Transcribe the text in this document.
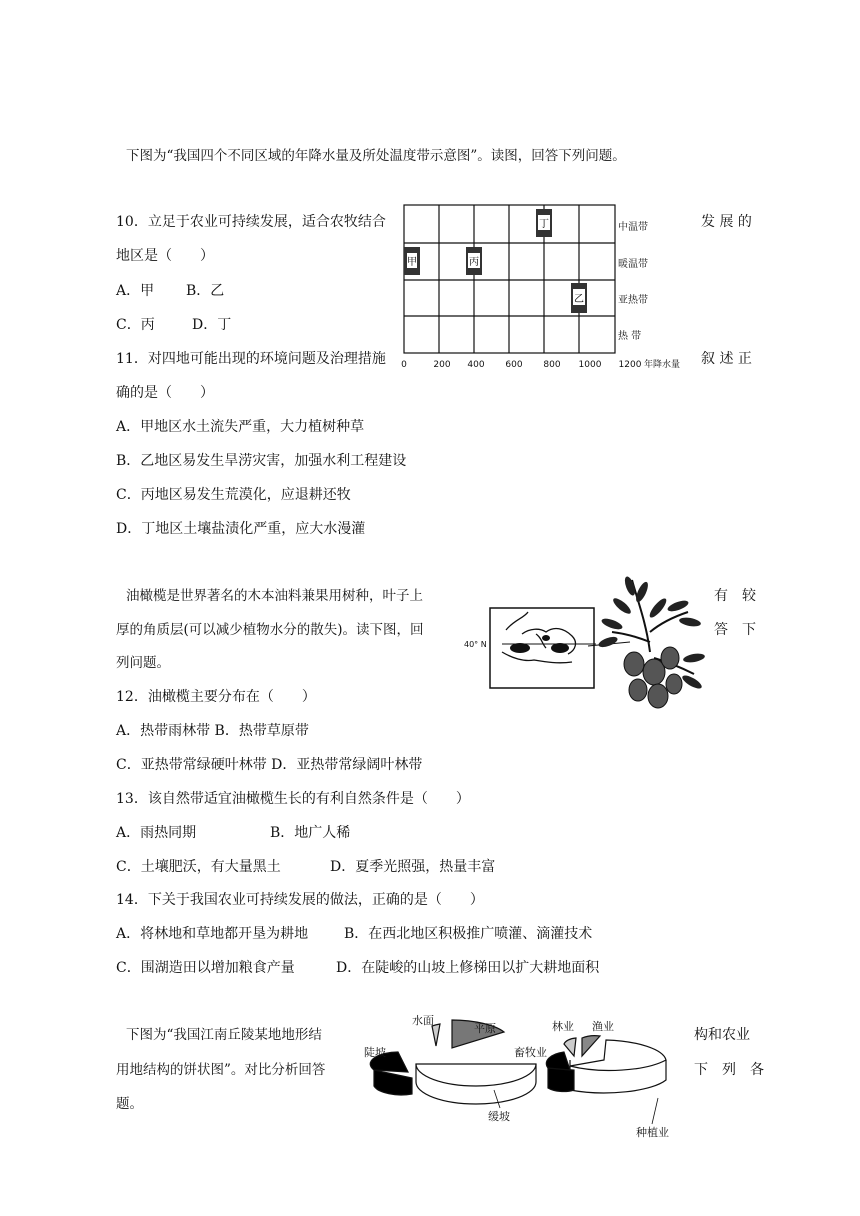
下图为“我国四个不同区域的年降水量及所处温度带示意图”。读图，回答下列问题。
10．立足于农业可持续发展，适合农牧结合	发 展 的
地区是（　　）
A．甲 B．乙
C．丙	D．丁
甲	丙
丁
乙
中温带
暖温带
亚热带
热 带
0	200 400 600 800 1000 1200 年降水量
11．对四地可能出现的环境问题及治理措施	叙 述 正
确的是（　　）
A．甲地区水土流失严重，大力植树种草
B．乙地区易发生旱涝灾害，加强水利工程建设
C．丙地区易发生荒漠化，应退耕还牧
D．丁地区土壤盐渍化严重，应大水漫灌
油橄榄是世界著名的木本油料兼果用树种，叶子上	有　较
厚的角质层(可以减少植物水分的散失)。读下图，回	答　下
列问题。
40° N
12．油橄榄主要分布在（　　）
A．热带雨林带 B．热带草原带
C．亚热带常绿硬叶林带 D．亚热带常绿阔叶林带
13．该自然带适宜油橄榄生长的有利自然条件是（　　）
A．雨热同期	B．地广人稀
C．土壤肥沃，有大量黑土	D．夏季光照强，热量丰富
14．下关于我国农业可持续发展的做法，正确的是（　　）
A．将林地和草地都开垦为耕地	B．在西北地区积极推广喷灌、滴灌技术
C．围湖造田以增加粮食产量	D．在陡峻的山坡上修梯田以扩大耕地面积
下图为“我国江南丘陵某地地形结	构和农业
用地结构的饼状图”。对比分析回答	下　列　各
题。
水面
平原
陡坡
缓坡
林业 渔业
畜牧业
种植业
